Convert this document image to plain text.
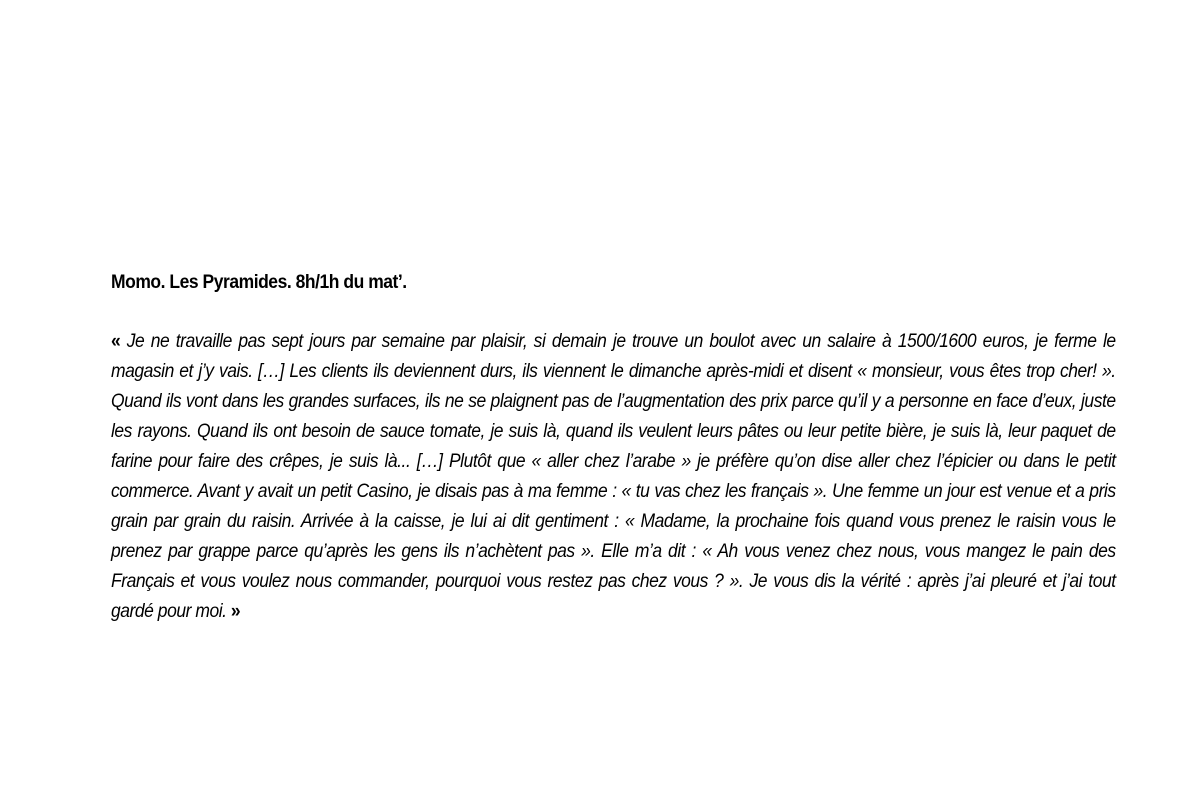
Momo. Les Pyramides. 8h/1h du mat’.

« Je ne travaille pas sept jours par semaine par plaisir, si demain je trouve un boulot avec un salaire à 1500/1600 euros, je ferme le magasin et j’y vais. […] Les clients ils deviennent durs, ils viennent le dimanche après-midi et disent « monsieur, vous êtes trop cher! ». Quand ils vont dans les grandes surfaces, ils ne se plaignent pas de l’augmentation des prix parce qu’il y a personne en face d’eux, juste les rayons. Quand ils ont besoin de sauce tomate, je suis là, quand ils veulent leurs pâtes ou leur petite bière, je suis là, leur paquet de farine pour faire des crêpes, je suis là... […] Plutôt que « aller chez l’arabe » je préfère qu’on dise aller chez l’épicier ou dans le petit commerce. Avant y avait un petit Casino, je disais pas à ma femme : « tu vas chez les français ». Une femme un jour est venue et a pris grain par grain du raisin. Arrivée à la caisse, je lui ai dit gentiment : « Madame, la prochaine fois quand vous prenez le raisin vous le prenez par grappe parce qu’après les gens ils n’achètent pas ». Elle m’a dit : « Ah vous venez chez nous, vous mangez le pain des Français et vous voulez nous commander, pourquoi vous restez pas chez vous ? ». Je vous dis la vérité : après j’ai pleuré et j’ai tout gardé pour moi. »
